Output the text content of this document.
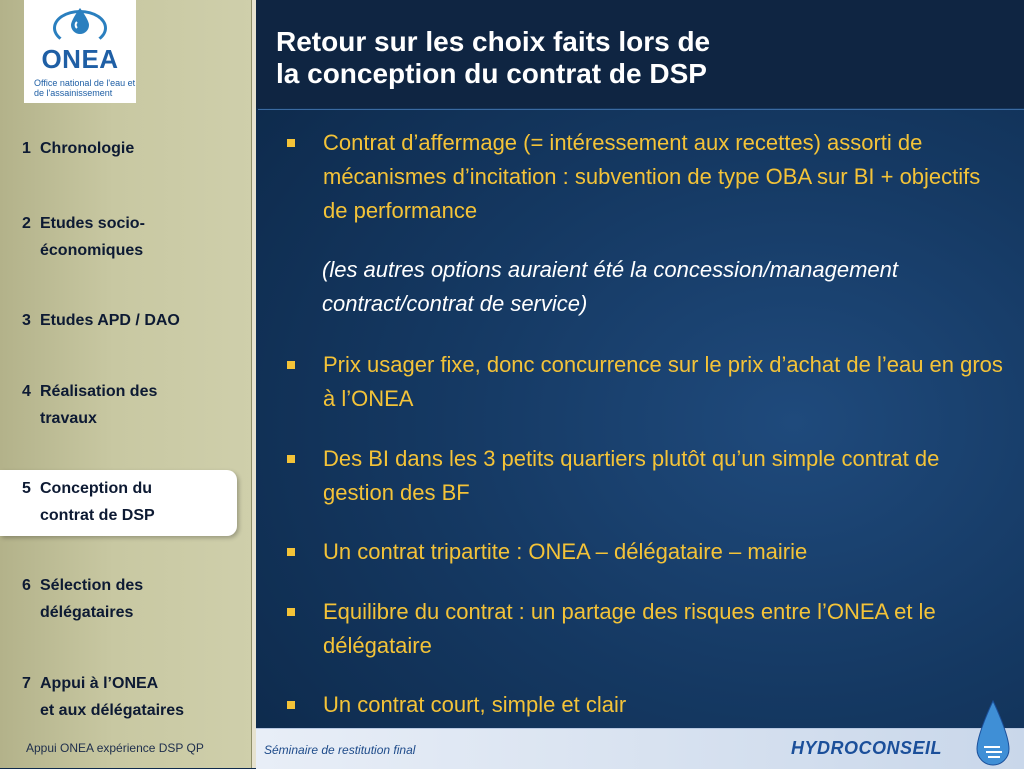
ONEA
Office national de l'eau et de l'assainissement
1 Chronologie

2 Etudes socio-
économiques

3 Etudes APD / DAO
4 Réalisation des
travaux
5 Conception du
contrat de DSP
6 Sélection des
délégataires
7 Appui à l’ONEA
et aux délégataires
Appui ONEA expérience DSP QP
Retour sur les choix faits lors de
la conception du contrat de DSP
Contrat d’affermage (= intéressement aux recettes) assorti de mécanismes d’incitation : subvention de type OBA sur BI + objectifs de performance
(les autres options auraient été la concession/management contract/contrat de service)
Prix usager fixe, donc concurrence sur le prix d’achat de l’eau en gros à l’ONEA
Des BI dans les 3 petits quartiers plutôt qu’un simple contrat de gestion des BF
Un contrat tripartite : ONEA – délégataire – mairie
Equilibre du contrat : un partage des risques entre l’ONEA et le délégataire
Un contrat court, simple et clair
Séminaire de restitution final	HYDROCONSEIL
